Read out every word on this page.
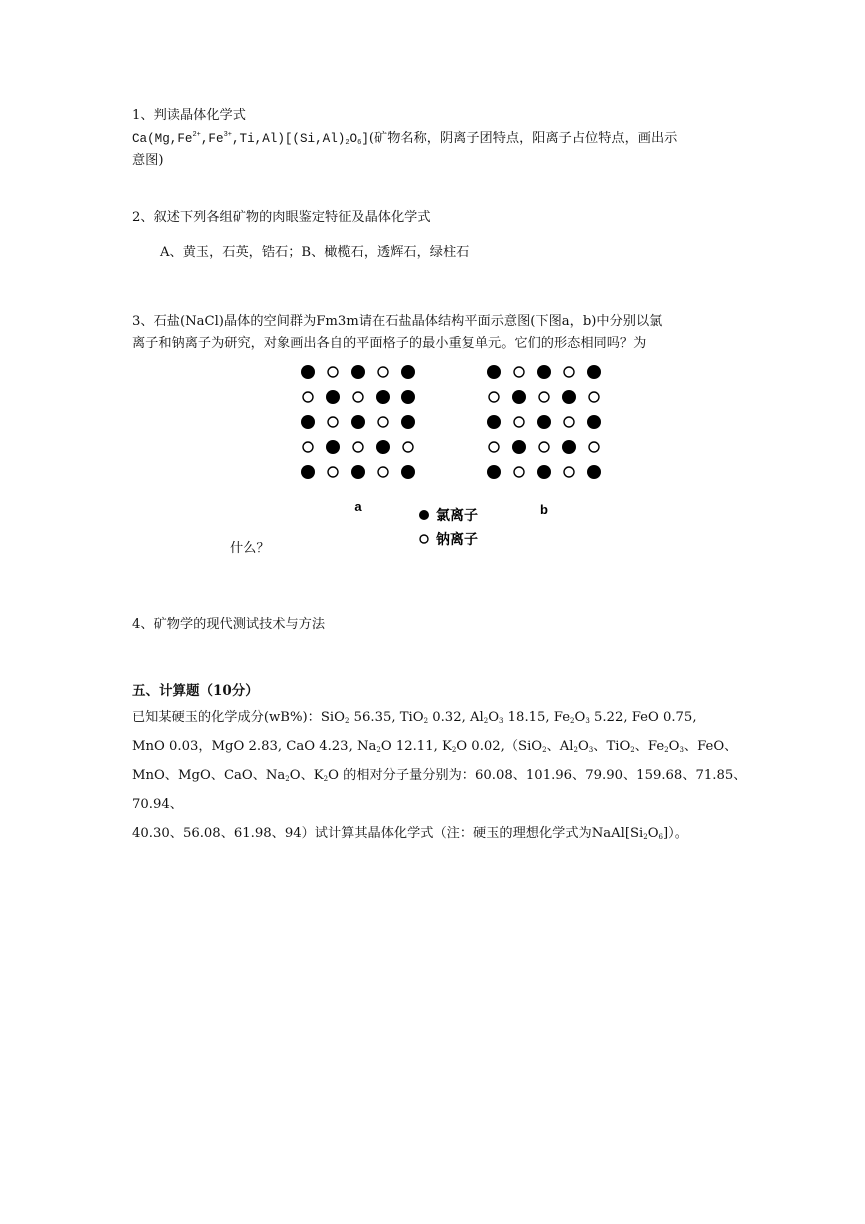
1、判读晶体化学式
$Ca(Mg,Fe^{2+},Fe^{3+},Ti,Al)[(Si,Al)_2O_6]$(矿物名称，阴离子团特点，阳离子占位特点，画出示
意图)
2、叙述下列各组矿物的肉眼鉴定特征及晶体化学式
A、黄玉，石英，锆石；B、橄榄石，透辉石，绿柱石
3、石盐(NaCl)晶体的空间群为Fm3m请在石盐晶体结构平面示意图(下图a，b)中分别以氯
离子和钠离子为研究，对象画出各自的平面格子的最小重复单元。它们的形态相同吗？为
a	b
氯离子
钠离子
什么？
4、矿物学的现代测试技术与方法
五、计算题（10分）
已知某硬玉的化学成分(wB%)：SiO$_2$ 56.35, TiO$_2$ 0.32, $Al_2O_3$ 18.15, $Fe_2O_3$ 5.22, FeO 0.75,
MnO 0.03，MgO 2.83, CaO 4.23, $Na_2O$ 12.11, $K_2O$ 0.02,（SiO$_2$、$Al_2O_3$、TiO$_2$、$Fe_2O_3$、FeO、
MnO、MgO、CaO、$Na_2O$、$K_2O$ 的相对分子量分别为：60.08、101.96、79.90、159.68、71.85、
70.94、
40.30、56.08、61.98、94）试计算其晶体化学式（注：硬玉的理想化学式为$NaAl[Si_2O_6]$）。
